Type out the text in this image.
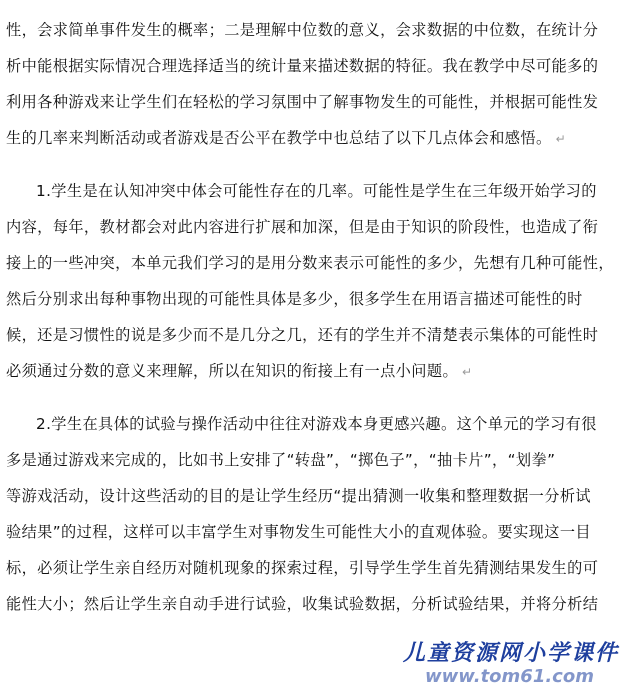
性，会求简单事件发生的概率；二是理解中位数的意义，会求数据的中位数，在统计分
析中能根据实际情况合理选择适当的统计量来描述数据的特征。我在教学中尽可能多的
利用各种游戏来让学生们在轻松的学习氛围中了解事物发生的可能性，并根据可能性发
生的几率来判断活动或者游戏是否公平在教学中也总结了以下几点体会和感悟。 ↵
1.学生是在认知冲突中体会可能性存在的几率。可能性是学生在三年级开始学习的
内容，每年，教材都会对此内容进行扩展和加深，但是由于知识的阶段性，也造成了衔
接上的一些冲突，本单元我们学习的是用分数来表示可能性的多少，先想有几种可能性，
然后分别求出每种事物出现的可能性具体是多少，很多学生在用语言描述可能性的时
候，还是习惯性的说是多少而不是几分之几，还有的学生并不清楚表示集体的可能性时
必须通过分数的意义来理解，所以在知识的衔接上有一点小问题。 ↵
2.学生在具体的试验与操作活动中往往对游戏本身更感兴趣。这个单元的学习有很
多是通过游戏来完成的，比如书上安排了“转盘”，“掷色子”，“抽卡片”，“划拳”
等游戏活动，设计这些活动的目的是让学生经历“提出猜测一收集和整理数据一分析试
验结果”的过程，这样可以丰富学生对事物发生可能性大小的直观体验。要实现这一目
标，必须让学生亲自经历对随机现象的探索过程，引导学生学生首先猜测结果发生的可
能性大小；然后让学生亲自动手进行试验，收集试验数据，分析试验结果，并将分析结
儿童资源网小学课件
www.tom61.com
